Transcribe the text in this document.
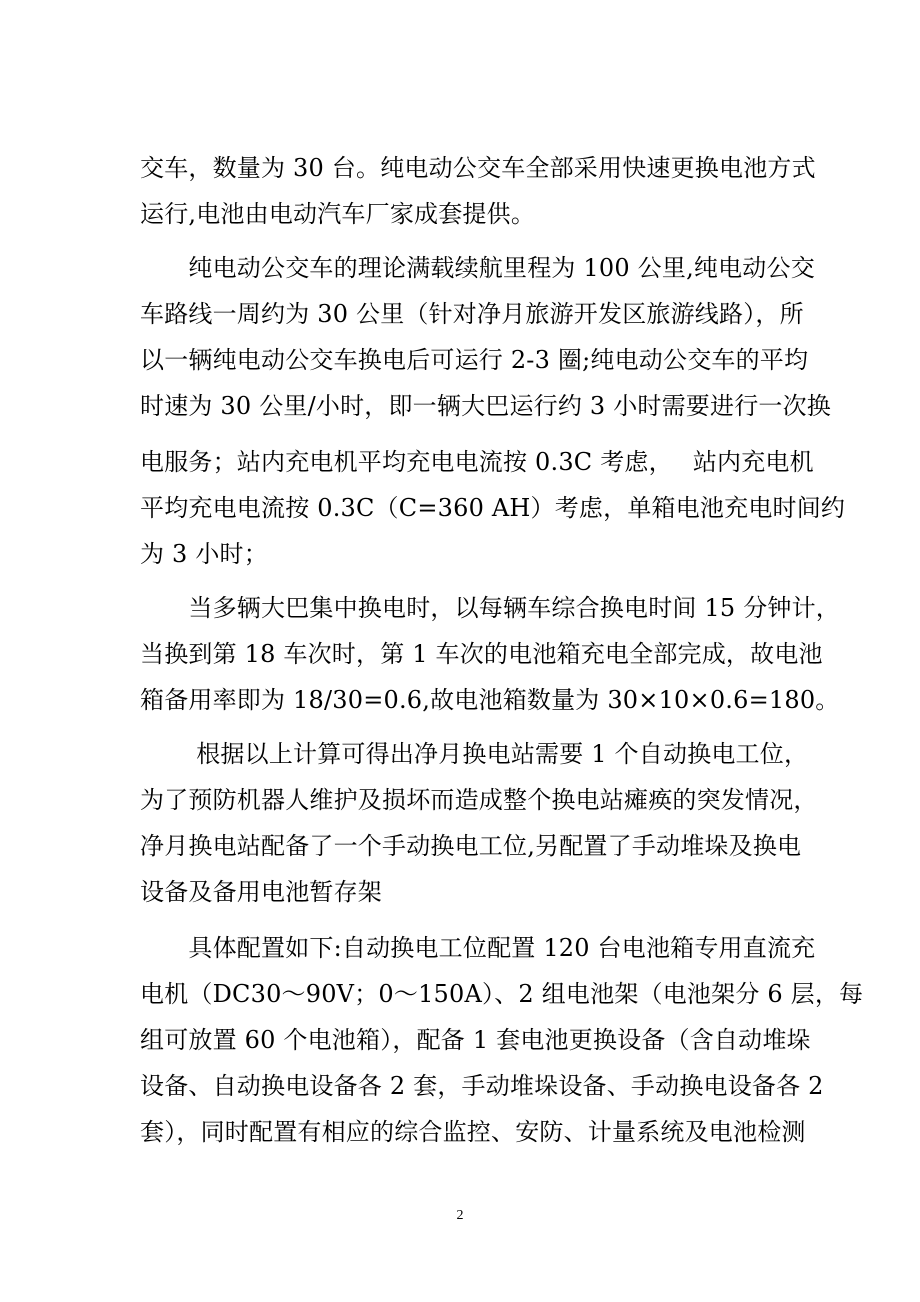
交车，数量为 30 台。纯电动公交车全部采用快速更换电池方式
运行,电池由电动汽车厂家成套提供。
　　纯电动公交车的理论满载续航里程为 100 公里,纯电动公交
车路线一周约为 30 公里（针对净月旅游开发区旅游线路），所
以一辆纯电动公交车换电后可运行 2-3 圈;纯电动公交车的平均
时速为 30 公里/小时，即一辆大巴运行约 3 小时需要进行一次换
电服务；站内充电机平均充电电流按 0.3C 考虑，　 站内充电机
平均充电电流按 0.3C（C=360 AH）考虑，单箱电池充电时间约
为 3 小时；
　　当多辆大巴集中换电时，以每辆车综合换电时间 15 分钟计，
当换到第 18 车次时，第 1 车次的电池箱充电全部完成，故电池
箱备用率即为 18/30=0.6,故电池箱数量为 30×10×0.6=180。
　　 根据以上计算可得出净月换电站需要 1 个自动换电工位，
为了预防机器人维护及损坏而造成整个换电站瘫痪的突发情况，
净月换电站配备了一个手动换电工位,另配置了手动堆垛及换电
设备及备用电池暂存架
　　具体配置如下:自动换电工位配置 120 台电池箱专用直流充
电机（DC30～90V；0～150A）、2 组电池架（电池架分 6 层，每
组可放置 60 个电池箱），配备 1 套电池更换设备（含自动堆垛
设备、自动换电设备各 2 套，手动堆垛设备、手动换电设备各 2
套），同时配置有相应的综合监控、安防、计量系统及电池检测
2
